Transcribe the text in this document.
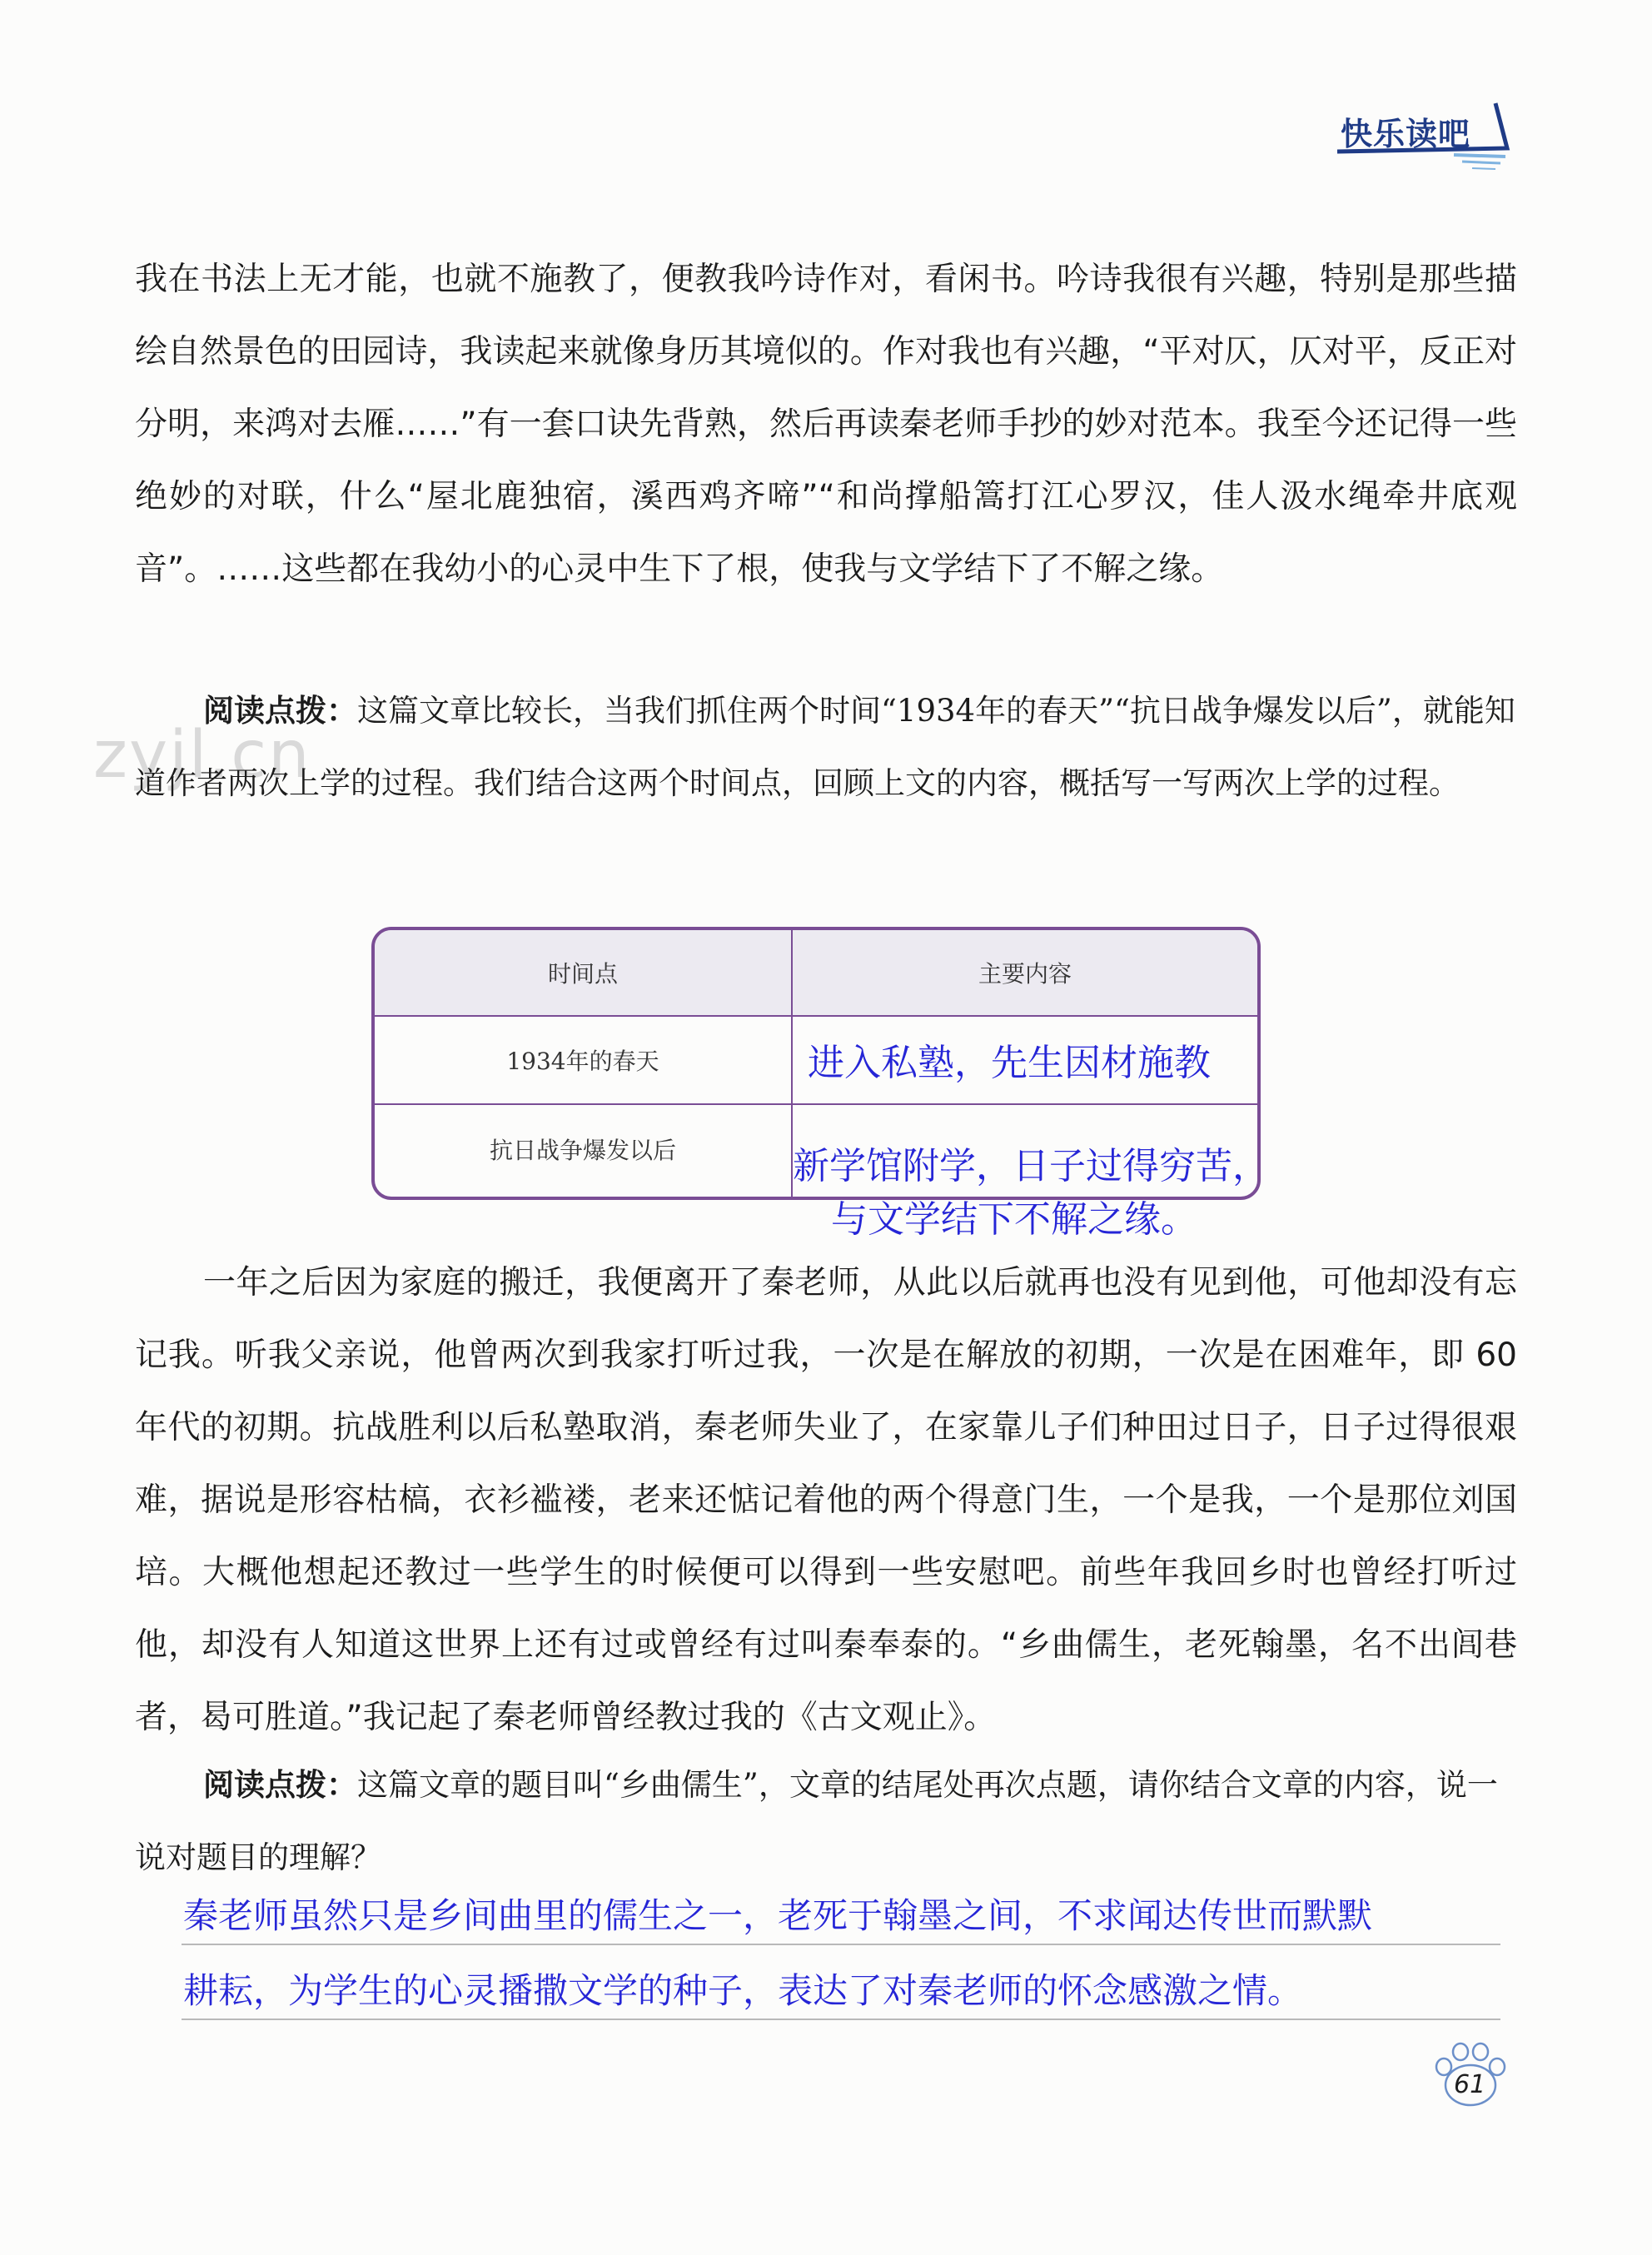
快乐读吧
zyjl.cn

我在书法上无才能，也就不施教了，便教我吟诗作对，看闲书。吟诗我很有兴趣，特别是那些描绘自然景色的田园诗，我读起来就像身历其境似的。作对我也有兴趣，“平对仄，仄对平，反正对分明，来鸿对去雁……”有一套口诀先背熟，然后再读秦老师手抄的妙对范本。我至今还记得一些绝妙的对联，什么“屋北鹿独宿，溪西鸡齐啼”“和尚撑船篙打江心罗汉，佳人汲水绳牵井底观音”。……这些都在我幼小的心灵中生下了根，使我与文学结下了不解之缘。

阅读点拨：这篇文章比较长，当我们抓住两个时间“1934年的春天”“抗日战争爆发以后”，就能知道作者两次上学的过程。我们结合这两个时间点，回顾上文的内容，概括写一写两次上学的过程。
时间点	主要内容
1934年的春天
抗日战争爆发以后
进入私塾，先生因材施教
新学馆附学，日子过得穷苦，
与文学结下不解之缘。

一年之后因为家庭的搬迁，我便离开了秦老师，从此以后就再也没有见到他，可他却没有忘记我。听我父亲说，他曾两次到我家打听过我，一次是在解放的初期，一次是在困难年，即 60 年代的初期。抗战胜利以后私塾取消，秦老师失业了，在家靠儿子们种田过日子，日子过得很艰难，据说是形容枯槁，衣衫褴褛，老来还惦记着他的两个得意门生，一个是我，一个是那位刘国培。大概他想起还教过一些学生的时候便可以得到一些安慰吧。前些年我回乡时也曾经打听过他，却没有人知道这世界上还有过或曾经有过叫秦奉泰的。“乡曲儒生，老死翰墨，名不出闾巷者，曷可胜道。”我记起了秦老师曾经教过我的《古文观止》。

阅读点拨：这篇文章的题目叫“乡曲儒生”，文章的结尾处再次点题，请你结合文章的内容，说一说对题目的理解？
秦老师虽然只是乡间曲里的儒生之一，老死于翰墨之间，不求闻达传世而默默
耕耘，为学生的心灵播撒文学的种子，表达了对秦老师的怀念感激之情。
61
